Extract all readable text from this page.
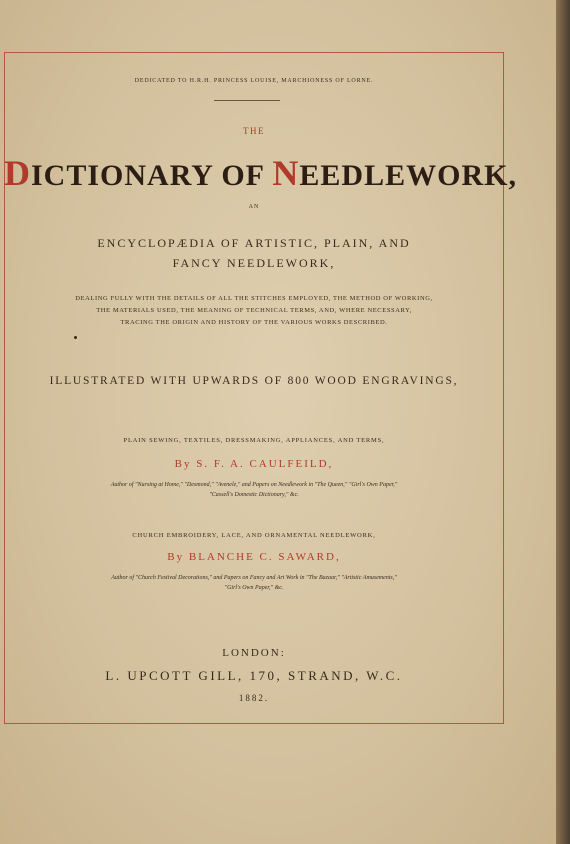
DEDICATED TO H.R.H. PRINCESS LOUISE, MARCHIONESS OF LORNE.
THE
DICTIONARY OF NEEDLEWORK,
AN
ENCYCLOPÆDIA OF ARTISTIC, PLAIN, AND
FANCY NEEDLEWORK,
DEALING FULLY WITH THE DETAILS OF ALL THE STITCHES EMPLOYED, THE METHOD OF WORKING,
THE MATERIALS USED, THE MEANING OF TECHNICAL TERMS, AND, WHERE NECESSARY,
TRACING THE ORIGIN AND HISTORY OF THE VARIOUS WORKS DESCRIBED.
ILLUSTRATED WITH UPWARDS OF 800 WOOD ENGRAVINGS,
PLAIN SEWING, TEXTILES, DRESSMAKING, APPLIANCES, AND TERMS,
By S. F. A. CAULFEILD,
Author of "Nursing at Home," "Desmond," "Avenele," and Papers on Needlework in "The Queen," "Girl's Own Paper,"
"Cassell's Domestic Dictionary," &c.
CHURCH EMBROIDERY, LACE, AND ORNAMENTAL NEEDLEWORK,
By BLANCHE C. SAWARD,
Author of "Church Festival Decorations," and Papers on Fancy and Art Work in "The Bazaar," "Artistic Amusements,"
"Girl's Own Paper," &c.
LONDON:
L. UPCOTT GILL, 170, STRAND, W.C.
1882.
